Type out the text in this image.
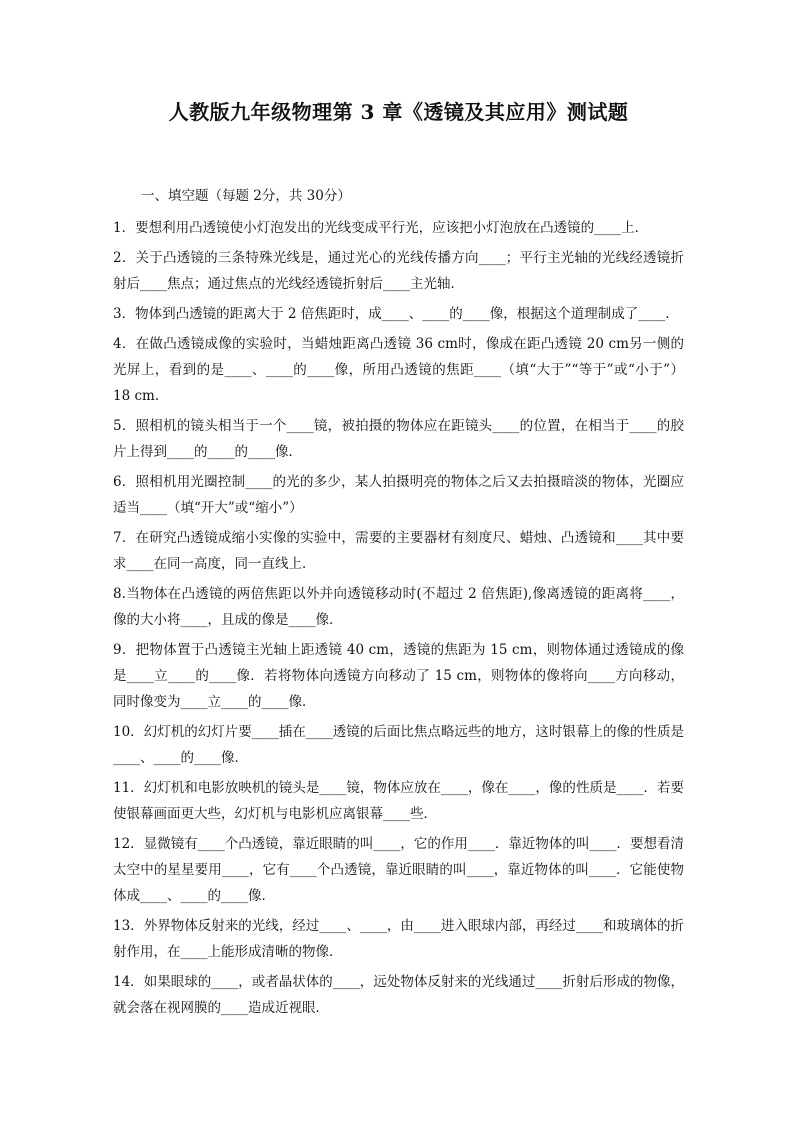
人教版九年级物理第 3 章《透镜及其应用》测试题
一、填空题（每题 2分，共 30分）

1．要想利用凸透镜使小灯泡发出的光线变成平行光，应该把小灯泡放在凸透镜的____上．

2．关于凸透镜的三条特殊光线是，通过光心的光线传播方向____；平行主光轴的光线经透镜折射后____焦点；通过焦点的光线经透镜折射后____主光轴．

3．物体到凸透镜的距离大于 2 倍焦距时，成____、____的____像，根据这个道理制成了____．

4．在做凸透镜成像的实验时，当蜡烛距离凸透镜 36 cm时，像成在距凸透镜 20 cm另一侧的光屏上，看到的是____、____的____像，所用凸透镜的焦距____（填“大于”“等于”或“小于”）18 cm.

5．照相机的镜头相当于一个____镜，被拍摄的物体应在距镜头____的位置，在相当于____的胶片上得到____的____的____像．

6．照相机用光圈控制____的光的多少，某人拍摄明亮的物体之后又去拍摄暗淡的物体，光圈应适当____（填“开大”或“缩小”）

7．在研究凸透镜成缩小实像的实验中，需要的主要器材有刻度尺、蜡烛、凸透镜和____其中要求____在同一高度，同一直线上．

8.当物体在凸透镜的两倍焦距以外并向透镜移动时(不超过 2 倍焦距),像离透镜的距离将____，像的大小将____，且成的像是____像．

9．把物体置于凸透镜主光轴上距透镜 40 cm，透镜的焦距为 15 cm，则物体通过透镜成的像是____立____的____像．若将物体向透镜方向移动了 15 cm，则物体的像将向____方向移动，同时像变为____立____的____像．

10．幻灯机的幻灯片要____插在____透镜的后面比焦点略远些的地方，这时银幕上的像的性质是____、____的____像．

11．幻灯机和电影放映机的镜头是____镜，物体应放在____，像在____，像的性质是____．若要使银幕画面更大些，幻灯机与电影机应离银幕____些．

12．显微镜有____个凸透镜，靠近眼睛的叫____，它的作用____．靠近物体的叫____．要想看清太空中的星星要用____，它有____个凸透镜，靠近眼睛的叫____，靠近物体的叫____．它能使物体成____、____的____像．

13．外界物体反射来的光线，经过____、____，由____进入眼球内部，再经过____和玻璃体的折射作用，在____上能形成清晰的物像．

14．如果眼球的____，或者晶状体的____，远处物体反射来的光线通过____折射后形成的物像，就会落在视网膜的____造成近视眼．
